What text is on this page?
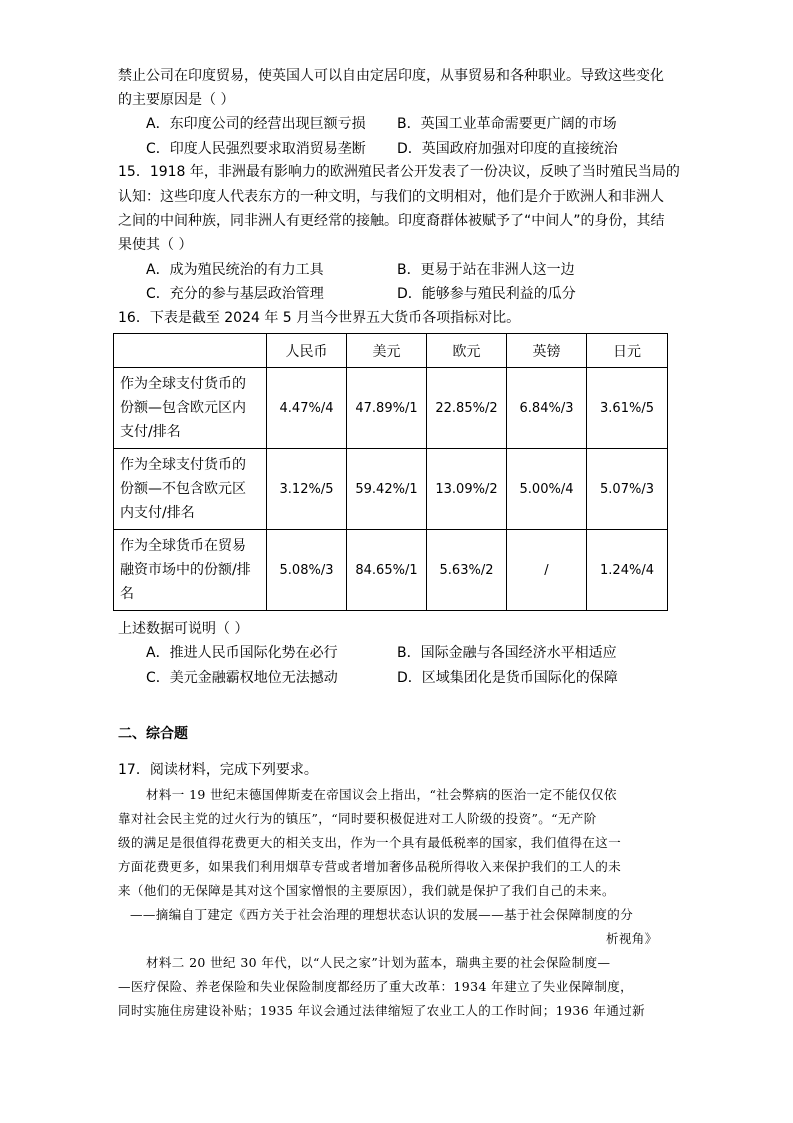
禁止公司在印度贸易，使英国人可以自由定居印度，从事贸易和各种职业。导致这些变化
的主要原因是（ ）
A．东印度公司的经营出现巨额亏损 B．英国工业革命需要更广阔的市场
C．印度人民强烈要求取消贸易垄断 D．英国政府加强对印度的直接统治
15．1918 年，非洲最有影响力的欧洲殖民者公开发表了一份决议，反映了当时殖民当局的
认知：这些印度人代表东方的一种文明，与我们的文明相对，他们是介于欧洲人和非洲人
之间的中间种族，同非洲人有更经常的接触。印度裔群体被赋予了“中间人”的身份，其结
果使其（ ）
A．成为殖民统治的有力工具	B．更易于站在非洲人这一边
C．充分的参与基层政治管理	D．能够参与殖民利益的瓜分
16．下表是截至 2024 年 5 月当今世界五大货币各项指标对比。
	人民币	美元	欧元	英镑	日元

作为全球支付货币的
份额—包含欧元区内
支付/排名	4.47%/4	47.89%/1	22.85%/2	6.84%/3	3.61%/5

作为全球支付货币的
份额—不包含欧元区
内支付/排名	3.12%/5	59.42%/1	13.09%/2	5.00%/4	5.07%/3

作为全球货币在贸易
融资市场中的份额/排
名	5.08%/3	84.65%/1	5.63%/2	/	1.24%/4
上述数据可说明（ ）
A．推进人民币国际化势在必行	B．国际金融与各国经济水平相适应
C．美元金融霸权地位无法撼动	D．区域集团化是货币国际化的保障
二、综合题
17．阅读材料，完成下列要求。
材料一 19 世纪末德国俾斯麦在帝国议会上指出，“社会弊病的医治一定不能仅仅依
靠对社会民主党的过火行为的镇压”，“同时要积极促进对工人阶级的投资”。“无产阶
级的满足是很值得花费更大的相关支出，作为一个具有最低税率的国家，我们值得在这一
方面花费更多，如果我们利用烟草专营或者增加奢侈品税所得收入来保护我们的工人的未
来（他们的无保障是其对这个国家憎恨的主要原因），我们就是保护了我们自己的未来。
——摘编自丁建定《西方关于社会治理的理想状态认识的发展——基于社会保障制度的分
析视角》
材料二 20 世纪 30 年代，以“人民之家”计划为蓝本，瑞典主要的社会保险制度—
—医疗保险、养老保险和失业保险制度都经历了重大改革：1934 年建立了失业保障制度，
同时实施住房建设补贴；1935 年议会通过法律缩短了农业工人的工作时间；1936 年通过新
